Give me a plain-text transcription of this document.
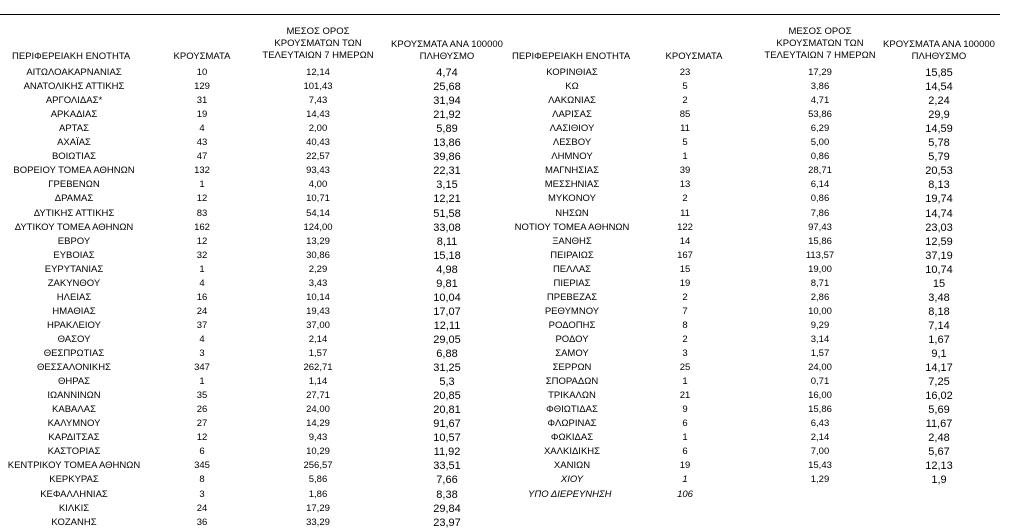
ΠΕΡΙΦΕΡΕΙΑΚΗ ΕΝΟΤΗΤΑ	ΚΡΟΥΣΜΑΤΑ
ΜΕΣΟΣ ΟΡΟΣ
ΚΡΟΥΣΜΑΤΩΝ ΤΩΝ
ΤΕΛΕΥΤΑΙΩΝ 7 ΗΜΕΡΩΝ
ΚΡΟΥΣΜΑΤΑ ΑΝΑ 100000
ΠΛΗΘΥΣΜΟ	ΠΕΡΙΦΕΡΕΙΑΚΗ ΕΝΟΤΗΤΑ	ΚΡΟΥΣΜΑΤΑ
ΜΕΣΟΣ ΟΡΟΣ
ΚΡΟΥΣΜΑΤΩΝ ΤΩΝ
ΤΕΛΕΥΤΑΙΩΝ 7 ΗΜΕΡΩΝ
ΚΡΟΥΣΜΑΤΑ ΑΝΑ 100000
ΠΛΗΘΥΣΜΟ
ΑΙΤΩΛΟΑΚΑΡΝΑΝΙΑΣ	10	12,14	4,74
ΑΝΑΤΟΛΙΚΗΣ ΑΤΤΙΚΗΣ	129	101,43	25,68
ΑΡΓΟΛΙΔΑΣ*	31	7,43	31,94
ΑΡΚΑΔΙΑΣ	19	14,43	21,92
ΑΡΤΑΣ	4	2,00	5,89
ΑΧΑΪΑΣ	43	40,43	13,86
ΒΟΙΩΤΙΑΣ	47	22,57	39,86
ΒΟΡΕΙΟΥ ΤΟΜΕΑ ΑΘΗΝΩΝ	132	93,43	22,31
ΓΡΕΒΕΝΩΝ	1	4,00	3,15
ΔΡΑΜΑΣ	12	10,71	12,21
ΔΥΤΙΚΗΣ ΑΤΤΙΚΗΣ	83	54,14	51,58
ΔΥΤΙΚΟΥ ΤΟΜΕΑ ΑΘΗΝΩΝ	162	124,00	33,08
ΕΒΡΟΥ	12	13,29	8,11
ΕΥΒΟΙΑΣ	32	30,86	15,18
ΕΥΡΥΤΑΝΙΑΣ	1	2,29	4,98
ΖΑΚΥΝΘΟΥ	4	3,43	9,81
ΗΛΕΙΑΣ	16	10,14	10,04
ΗΜΑΘΙΑΣ	24	19,43	17,07
ΗΡΑΚΛΕΙΟΥ	37	37,00	12,11
ΘΑΣΟΥ	4	2,14	29,05
ΘΕΣΠΡΩΤΙΑΣ	3	1,57	6,88
ΘΕΣΣΑΛΟΝΙΚΗΣ	347	262,71	31,25
ΘΗΡΑΣ	1	1,14	5,3
ΙΩΑΝΝΙΝΩΝ	35	27,71	20,85
ΚΑΒΑΛΑΣ	26	24,00	20,81
ΚΑΛΥΜΝΟΥ	27	14,29	91,67
ΚΑΡΔΙΤΣΑΣ	12	9,43	10,57
ΚΑΣΤΟΡΙΑΣ	6	10,29	11,92
ΚΕΝΤΡΙΚΟΥ ΤΟΜΕΑ ΑΘΗΝΩΝ	345	256,57	33,51
ΚΕΡΚΥΡΑΣ	8	5,86	7,66
ΚΕΦΑΛΛΗΝΙΑΣ	3	1,86	8,38
ΚΙΛΚΙΣ	24	17,29	29,84
ΚΟΖΑΝΗΣ	36	33,29	23,97
ΚΟΡΙΝΘΙΑΣ	23	17,29	15,85
ΚΩ	5	3,86	14,54
ΛΑΚΩΝΙΑΣ	2	4,71	2,24
ΛΑΡΙΣΑΣ	85	53,86	29,9
ΛΑΣΙΘΙΟΥ	11	6,29	14,59
ΛΕΣΒΟΥ	5	5,00	5,78
ΛΗΜΝΟΥ	1	0,86	5,79
ΜΑΓΝΗΣΙΑΣ	39	28,71	20,53
ΜΕΣΣΗΝΙΑΣ	13	6,14	8,13
ΜΥΚΟΝΟΥ	2	0,86	19,74
ΝΗΣΩΝ	11	7,86	14,74
ΝΟΤΙΟΥ ΤΟΜΕΑ ΑΘΗΝΩΝ	122	97,43	23,03
ΞΑΝΘΗΣ	14	15,86	12,59
ΠΕΙΡΑΙΩΣ	167	113,57	37,19
ΠΕΛΛΑΣ	15	19,00	10,74
ΠΙΕΡΙΑΣ	19	8,71	15
ΠΡΕΒΕΖΑΣ	2	2,86	3,48
ΡΕΘΥΜΝΟΥ	7	10,00	8,18
ΡΟΔΟΠΗΣ	8	9,29	7,14
ΡΟΔΟΥ	2	3,14	1,67
ΣΑΜΟΥ	3	1,57	9,1
ΣΕΡΡΩΝ	25	24,00	14,17
ΣΠΟΡΑΔΩΝ	1	0,71	7,25
ΤΡΙΚΑΛΩΝ	21	16,00	16,02
ΦΘΙΩΤΙΔΑΣ	9	15,86	5,69
ΦΛΩΡΙΝΑΣ	6	6,43	11,67
ΦΩΚΙΔΑΣ	1	2,14	2,48
ΧΑΛΚΙΔΙΚΗΣ	6	7,00	5,67
ΧΑΝΙΩΝ	19	15,43	12,13
ΧΙΟΥ	1	1,29	1,9
ΥΠΟ ΔΙΕΡΕΥΝΗΣΗ	106
